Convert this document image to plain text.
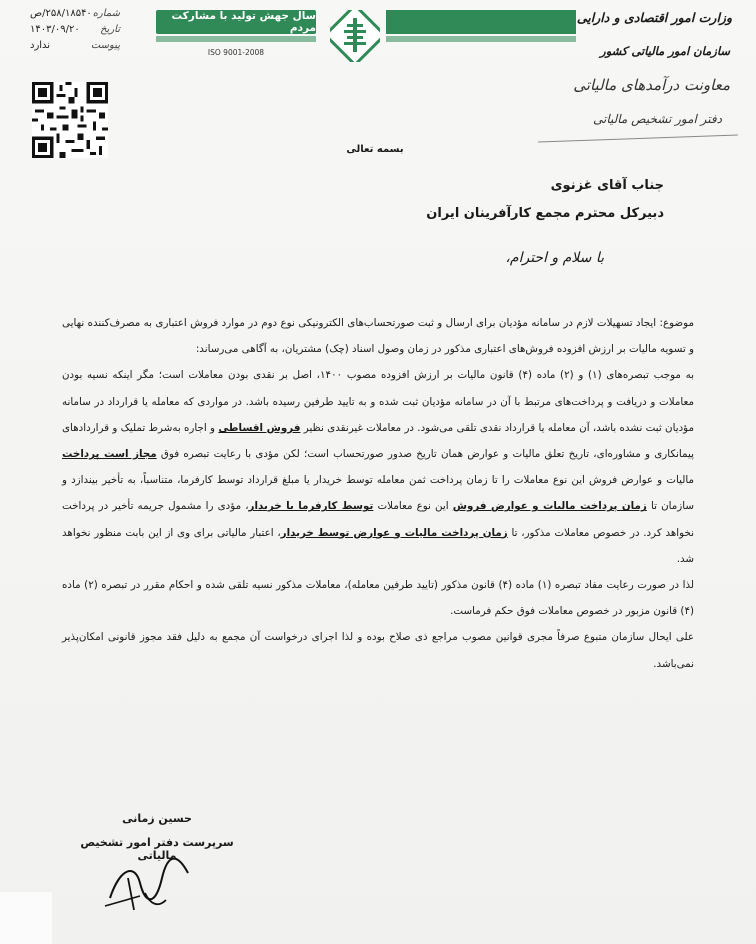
شماره
۲۵۸/۱۸۵۴۰/ص
تاریخ
۱۴۰۳/۰۹/۲۰
پیوست
ندارد
سال جهش تولید با مشارکت مردم
ISO 9001-2008
وزارت امور اقتصادی و دارایی
سازمان امور مالیاتی کشور
معاونت درآمدهای مالیاتی
دفتر امور تشخیص مالیاتی
بسمه تعالی
جناب آقای غزنوی
دبیرکل محترم مجمع کارآفرینان ایران
با سلام و احترام،

موضوع: ایجاد تسهیلات لازم در سامانه مؤدیان برای ارسال و ثبت صورتحساب‌های الکترونیکی نوع دوم در موارد فروش اعتباری به مصرف‌کننده نهایی و تسویه مالیات بر ارزش افزوده فروش‌های اعتباری مذکور در زمان وصول اسناد (چک) مشتریان، به آگاهی می‌رساند:

به موجب تبصره‌های (۱) و (۲) ماده (۴) قانون مالیات بر ارزش افزوده مصوب ۱۴۰۰، اصل بر نقدی بودن معاملات است؛ مگر اینکه نسیه بودن معاملات و دریافت و پرداخت‌های مرتبط با آن در سامانه مؤدیان ثبت شده و به تایید طرفین رسیده باشد. در مواردی که معامله یا قرارداد در سامانه مؤدیان ثبت نشده باشد، آن معامله یا قرارداد نقدی تلقی می‌شود. در معاملات غیرنقدی نظیر فروش اقساطی و اجاره به‌شرط تملیک و قراردادهای پیمانکاری و مشاوره‌ای، تاریخ تعلق مالیات و عوارض همان تاریخ صدور صورتحساب است؛ لکن مؤدی با رعایت تبصره فوق مجاز است پرداخت مالیات و عوارض فروش این نوع معاملات را تا زمان پرداخت ثمن معامله توسط خریدار یا مبلغ قرارداد توسط کارفرما، متناسباً، به تأخیر بیندازد و سازمان تا زمان پرداخت مالیات و عوارض فروش این نوع معاملات توسط کارفرما یا خریدار، مؤدی را مشمول جریمه تأخیر در پرداخت نخواهد کرد. در خصوص معاملات مذکور، تا زمان پرداخت مالیات و عوارض توسط خریدار، اعتبار مالیاتی برای وی از این بابت منظور نخواهد شد.

لذا در صورت رعایت مفاد تبصره (۱) ماده (۴) قانون مذکور (تایید طرفین معامله)، معاملات مذکور نسیه تلقی شده و احکام مقرر در تبصره (۲) ماده (۴) قانون مزبور در خصوص معاملات فوق حکم فرماست.

علی ایحال سازمان متبوع صرفاً مجری قوانین مصوب مراجع ذی صلاح بوده و لذا اجرای درخواست آن مجمع به دلیل فقد مجوز قانونی امکان‌پذیر نمی‌باشد.

حسین زمانی
سرپرست دفتر امور تشخیص مالیاتی
